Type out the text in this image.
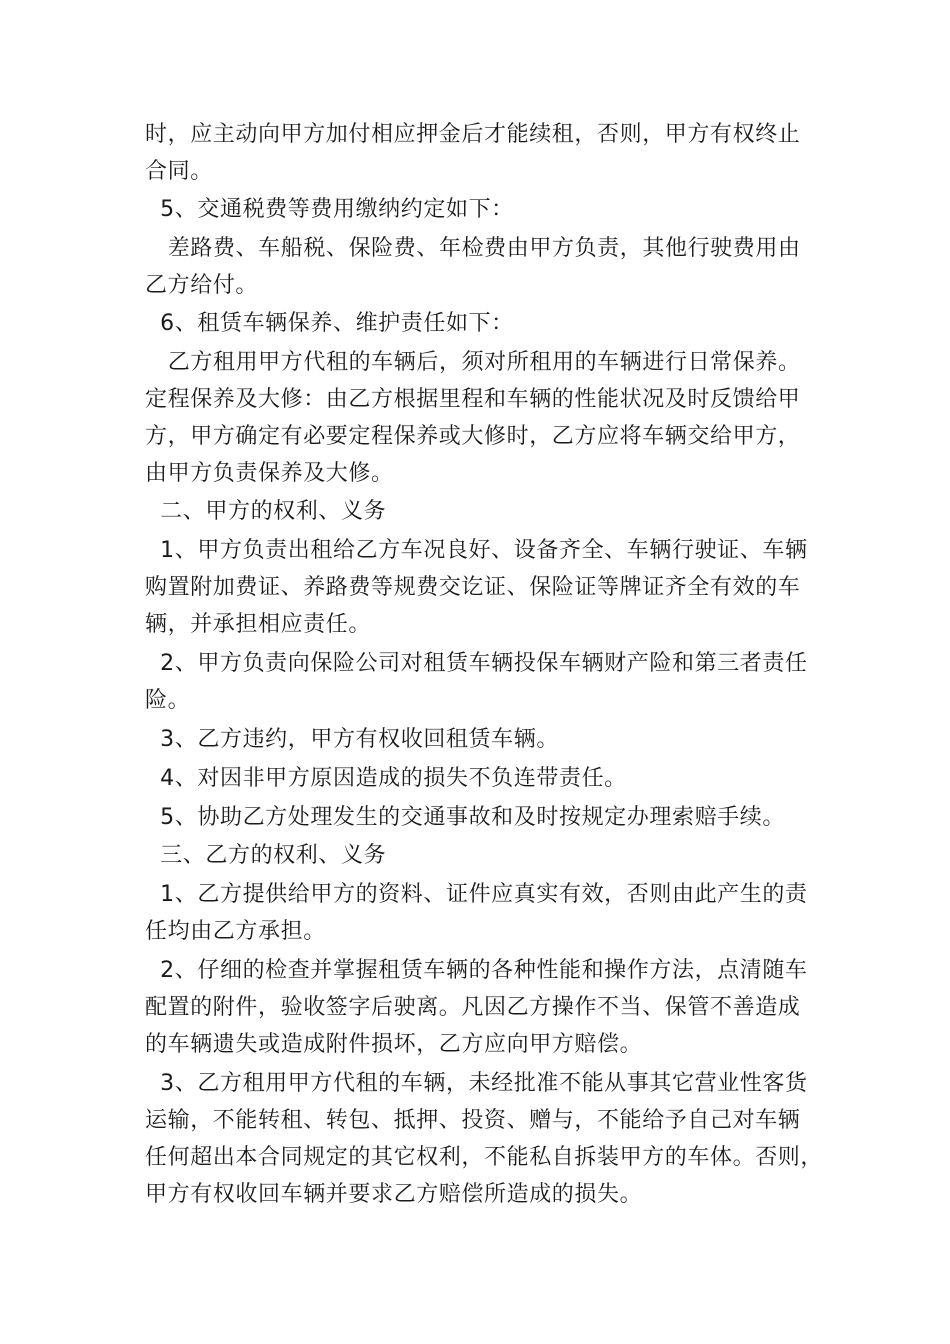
时，应主动向甲方加付相应押金后才能续租，否则，甲方有权终止
合同。
5、交通税费等费用缴纳约定如下：
差路费、车船税、保险费、年检费由甲方负责，其他行驶费用由
乙方给付。
6、租赁车辆保养、维护责任如下：
乙方租用甲方代租的车辆后，须对所租用的车辆进行日常保养。
定程保养及大修：由乙方根据里程和车辆的性能状况及时反馈给甲
方，甲方确定有必要定程保养或大修时，乙方应将车辆交给甲方，
由甲方负责保养及大修。
二、甲方的权利、义务
1、甲方负责出租给乙方车况良好、设备齐全、车辆行驶证、车辆
购置附加费证、养路费等规费交讫证、保险证等牌证齐全有效的车
辆，并承担相应责任。
2、甲方负责向保险公司对租赁车辆投保车辆财产险和第三者责任
险。
3、乙方违约，甲方有权收回租赁车辆。
4、对因非甲方原因造成的损失不负连带责任。
5、协助乙方处理发生的交通事故和及时按规定办理索赔手续。
三、乙方的权利、义务
1、乙方提供给甲方的资料、证件应真实有效，否则由此产生的责
任均由乙方承担。
2、仔细的检查并掌握租赁车辆的各种性能和操作方法，点清随车
配置的附件，验收签字后驶离。凡因乙方操作不当、保管不善造成
的车辆遗失或造成附件损坏，乙方应向甲方赔偿。
3、乙方租用甲方代租的车辆，未经批准不能从事其它营业性客货
运输，不能转租、转包、抵押、投资、赠与，不能给予自己对车辆
任何超出本合同规定的其它权利，不能私自拆装甲方的车体。否则，
甲方有权收回车辆并要求乙方赔偿所造成的损失。
